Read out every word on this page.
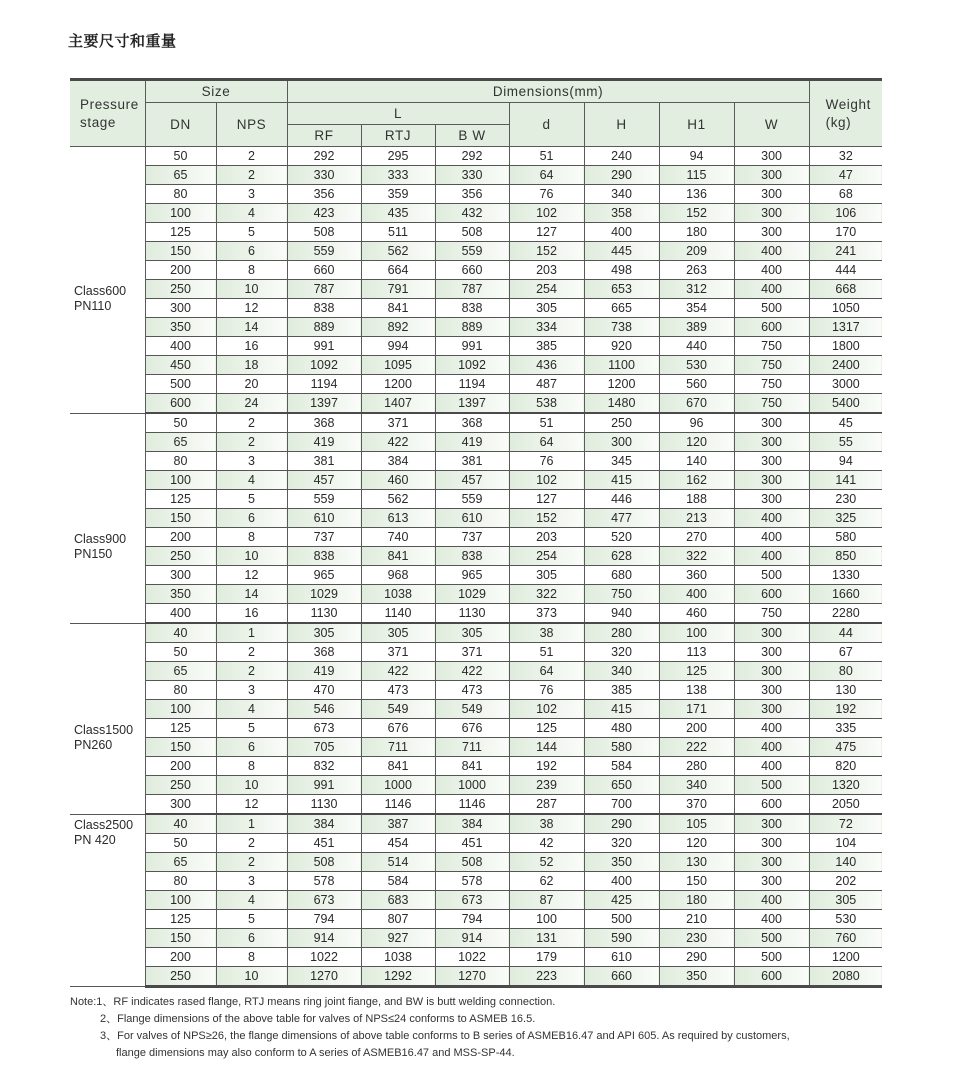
主要尺寸和重量
Pressure
stage	Size		Dimensions(mm)							Weight
(kg)
	DN	NPS	L			d	H	H1	W	
			RF	RTJ	B W					

Class600
PN110	50	2	292	295	292	51	240	94	300	32
	65	2	330	333	330	64	290	115	300	47
	80	3	356	359	356	76	340	136	300	68
	100	4	423	435	432	102	358	152	300	106
	125	5	508	511	508	127	400	180	300	170
	150	6	559	562	559	152	445	209	400	241
	200	8	660	664	660	203	498	263	400	444
	250	10	787	791	787	254	653	312	400	668
	300	12	838	841	838	305	665	354	500	1050
	350	14	889	892	889	334	738	389	600	1317
	400	16	991	994	991	385	920	440	750	1800
	450	18	1092	1095	1092	436	1100	530	750	2400
	500	20	1194	1200	1194	487	1200	560	750	3000
	600	24	1397	1407	1397	538	1480	670	750	5400

Class900
PN150	50	2	368	371	368	51	250	96	300	45
	65	2	419	422	419	64	300	120	300	55
	80	3	381	384	381	76	345	140	300	94
	100	4	457	460	457	102	415	162	300	141
	125	5	559	562	559	127	446	188	300	230
	150	6	610	613	610	152	477	213	400	325
	200	8	737	740	737	203	520	270	400	580
	250	10	838	841	838	254	628	322	400	850
	300	12	965	968	965	305	680	360	500	1330
	350	14	1029	1038	1029	322	750	400	600	1660
	400	16	1130	1140	1130	373	940	460	750	2280

Class1500
PN260	40	1	305	305	305	38	280	100	300	44
	50	2	368	371	371	51	320	113	300	67
	65	2	419	422	422	64	340	125	300	80
	80	3	470	473	473	76	385	138	300	130
	100	4	546	549	549	102	415	171	300	192
	125	5	673	676	676	125	480	200	400	335
	150	6	705	711	711	144	580	222	400	475
	200	8	832	841	841	192	584	280	400	820
	250	10	991	1000	1000	239	650	340	500	1320
	300	12	1130	1146	1146	287	700	370	600	2050

Class2500
PN 420	40	1	384	387	384	38	290	105	300	72
	50	2	451	454	451	42	320	120	300	104
	65	2	508	514	508	52	350	130	300	140
	80	3	578	584	578	62	400	150	300	202
	100	4	673	683	673	87	425	180	400	305
	125	5	794	807	794	100	500	210	400	530
	150	6	914	927	914	131	590	230	500	760
	200	8	1022	1038	1022	179	610	290	500	1200
	250	10	1270	1292	1270	223	660	350	600	2080
Note:1、RF indicates rased flange, RTJ means ring joint fiange, and BW is butt welding connection.
2、Flange dimensions of the above table for valves of NPS≤24 conforms to ASMEB 16.5.
3、For valves of NPS≥26, the flange dimensions of above table conforms to B series of ASMEB16.47 and API 605. As required by customers,
flange dimensions may also conform to A series of ASMEB16.47 and MSS-SP-44.
